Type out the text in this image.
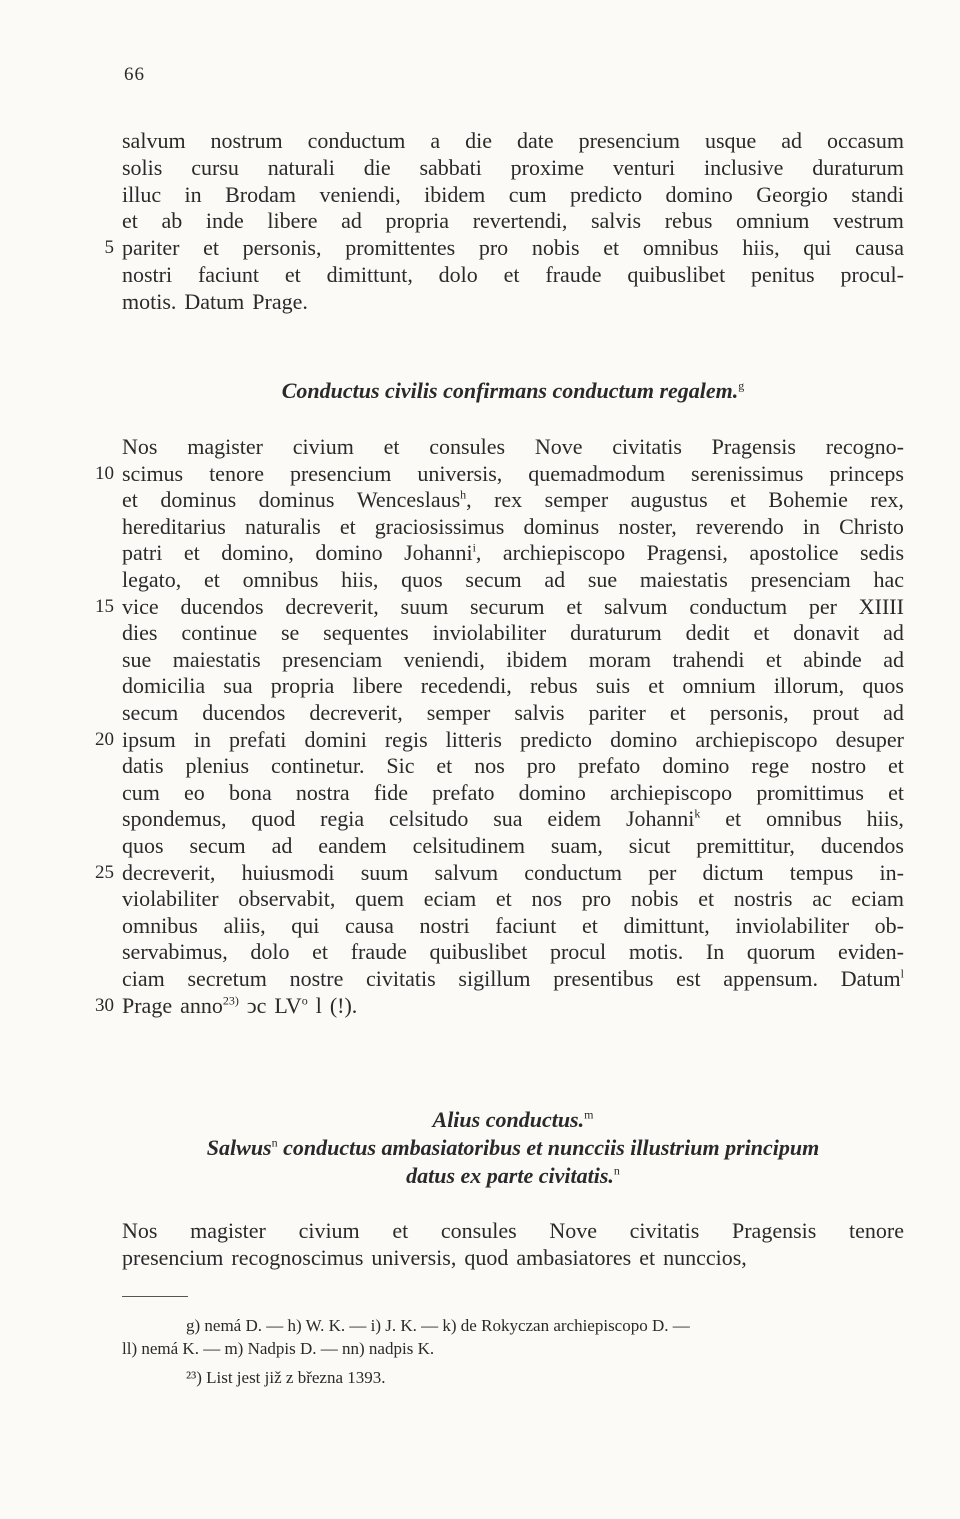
66
salvum nostrum conductum a die date presencium usque ad occasum
solis cursu naturali die sabbati proxime venturi inclusive duraturum
illuc in Brodam veniendi, ibidem cum predicto domino Georgio standi
et ab inde libere ad propria revertendi, salvis rebus omnium vestrum
pariter et personis, promittentes pro nobis et omnibus hiis, qui causa
5
nostri faciunt et dimittunt, dolo et fraude quibuslibet penitus procul-
motis. Datum Prage.
Conductus civilis confirmans conductum regalem.$^g$
Nos magister civium et consules Nove civitatis Pragensis recogno-
scimus tenore presencium universis, quemadmodum serenissimus princeps
10
et dominus dominus Wenceslaus$^h$, rex semper augustus et Bohemie rex,
hereditarius naturalis et graciosissimus dominus noster, reverendo in Christo
patri et domino, domino Johanni$^i$, archiepiscopo Pragensi, apostolice sedis
legato, et omnibus hiis, quos secum ad sue maiestatis presenciam hac
vice ducendos decreverit, suum securum et salvum conductum per XIIII
15
dies continue se sequentes inviolabiliter duraturum dedit et donavit ad
sue maiestatis presenciam veniendi, ibidem moram trahendi et abinde ad
domicilia sua propria libere recedendi, rebus suis et omnium illorum, quos
secum ducendos decreverit, semper salvis pariter et personis, prout ad
ipsum in prefati domini regis litteris predicto domino archiepiscopo desuper
20
datis plenius continetur. Sic et nos pro prefato domino rege nostro et
cum eo bona nostra fide prefato domino archiepiscopo promittimus et
spondemus, quod regia celsitudo sua eidem Johanni$^k$ et omnibus hiis,
quos secum ad eandem celsitudinem suam, sicut premittitur, ducendos
decreverit, huiusmodi suum salvum conductum per dictum tempus in-
25
violabiliter observabit, quem eciam et nos pro nobis et nostris ac eciam
omnibus aliis, qui causa nostri faciunt et dimittunt, inviolabiliter ob-
servabimus, dolo et fraude quibuslibet procul motis. In quorum eviden-
ciam secretum nostre civitatis sigillum presentibus est appensum. Datum$^l$
Prage anno$^{23)}$ ↄc $LV^o$ l (!).
30
Alius conductus.$^m$
Salwus$^n$ conductus ambasiatoribus et nuncciis illustrium principum
datus ex parte civitatis.$^n$
Nos magister civium et consules Nove civitatis Pragensis tenore
presencium recognoscimus universis, quod ambasiatores et nunccios,
g) nemá D. — h) W. K. — i) J. K. — k) de Rokyczan archiepiscopo D. —
ll) nemá K. — m) Nadpis D. — nn) nadpis K.
²³) List jest již z března 1393.
